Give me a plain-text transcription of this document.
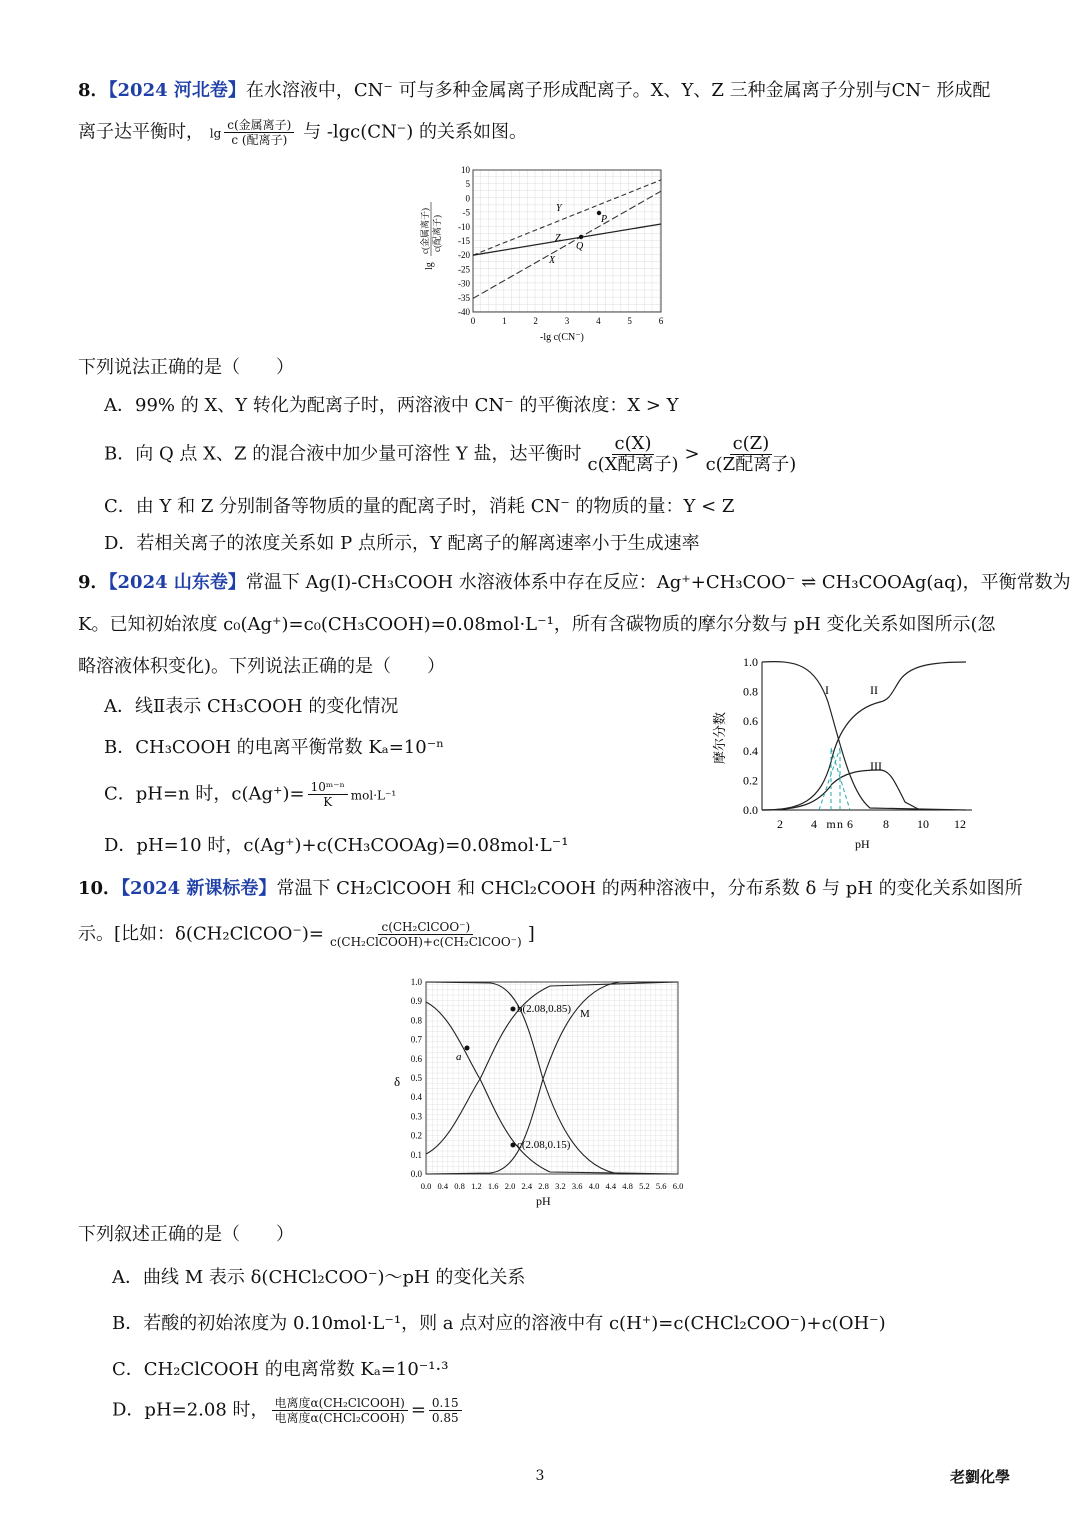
8．【2024 河北卷】在水溶液中，CN⁻ 可与多种金属离子形成配离子。X、Y、Z 三种金属离子分别与CN⁻ 形成配
离子达平衡时， $\lg \frac{\text{c(金属离子)}}{\text{c (配离子)}}$ 与 -lgc(CN⁻) 的关系如图。
10
5
0
-5
-10
-15
-20
-25
-30
-35
-40
0	1	2	3	4	5	6
lg
c(金属离子) c(配离子)
-lg c(CN⁻)
Y
Z
X
P
Q
下列说法正确的是（　　）
A．99% 的 X、Y 转化为配离子时，两溶液中 CN⁻ 的平衡浓度：X > Y
B．向 Q 点 X、Z 的混合液中加少量可溶性 Y 盐，达平衡时 $\frac{c(X)}{\text{c(X配离子)}} > \frac{c(Z)}{\text{c(Z配离子)}}$
C．由 Y 和 Z 分别制备等物质的量的配离子时，消耗 CN⁻ 的物质的量：Y < Z
D．若相关离子的浓度关系如 P 点所示，Y 配离子的解离速率小于生成速率
9．【2024 山东卷】常温下 Ag(Ⅰ)-CH₃COOH 水溶液体系中存在反应：Ag⁺+CH₃COO⁻ ⇌ CH₃COOAg(aq)，平衡常数为
K。已知初始浓度 c₀(Ag⁺)=c₀(CH₃COOH)=0.08mol·L⁻¹，所有含碳物质的摩尔分数与 pH 变化关系如图所示(忽
略溶液体积变化)。下列说法正确的是（　　）
A．线Ⅱ表示 CH₃COOH 的变化情况
B．CH₃COOH 的电离平衡常数 Kₐ=10⁻ⁿ
C．pH=n 时，$c(Ag^+)= \frac{\text{10ᵐ⁻ⁿ}}{K} mol\cdot L^{-1}$
D．pH=10 时，c(Ag⁺)+c(CH₃COOAg)=0.08mol·L⁻¹
1.0
0.8
0.6
0.4
0.2
0.0
2 4 m n 6	8 10 12
摩尔分数
pH
I	II
III
10．【2024 新课标卷】常温下 CH₂ClCOOH 和 CHCl₂COOH 的两种溶液中，分布系数 δ 与 pH 的变化关系如图所
示。[比如：δ(CH₂ClCOO⁻)= $\frac{\text{c(CH₂ClCOO⁻)}}{\text{c(CH₂ClCOOH)+c(CH₂ClCOO⁻)}}$ ]
1.0
0.9
0.8
0.7
0.6
0.5
0.4
0.3
0.2
0.1
0.0
0.0 0.4 0.8 1.2 1.6 2.0 2.4 2.8 3.2 3.6 4.0 4.4 4.8 5.2 5.6 6.0
δ
pH
a
b(2.08,0.85)
c(2.08,0.15)
M
下列叙述正确的是（　　）
A．曲线 M 表示 δ(CHCl₂COO⁻)～pH 的变化关系
B．若酸的初始浓度为 0.10mol·L⁻¹，则 a 点对应的溶液中有 c(H⁺)=c(CHCl₂COO⁻)+c(OH⁻)
C．CH₂ClCOOH 的电离常数 Kₐ=10⁻¹·³
D．pH=2.08 时， $\frac{\text{电离度α(CH₂ClCOOH)}}{\text{电离度α(CHCl₂COOH)}} = \frac{0.15}{0.85}$
3	老劉化學
